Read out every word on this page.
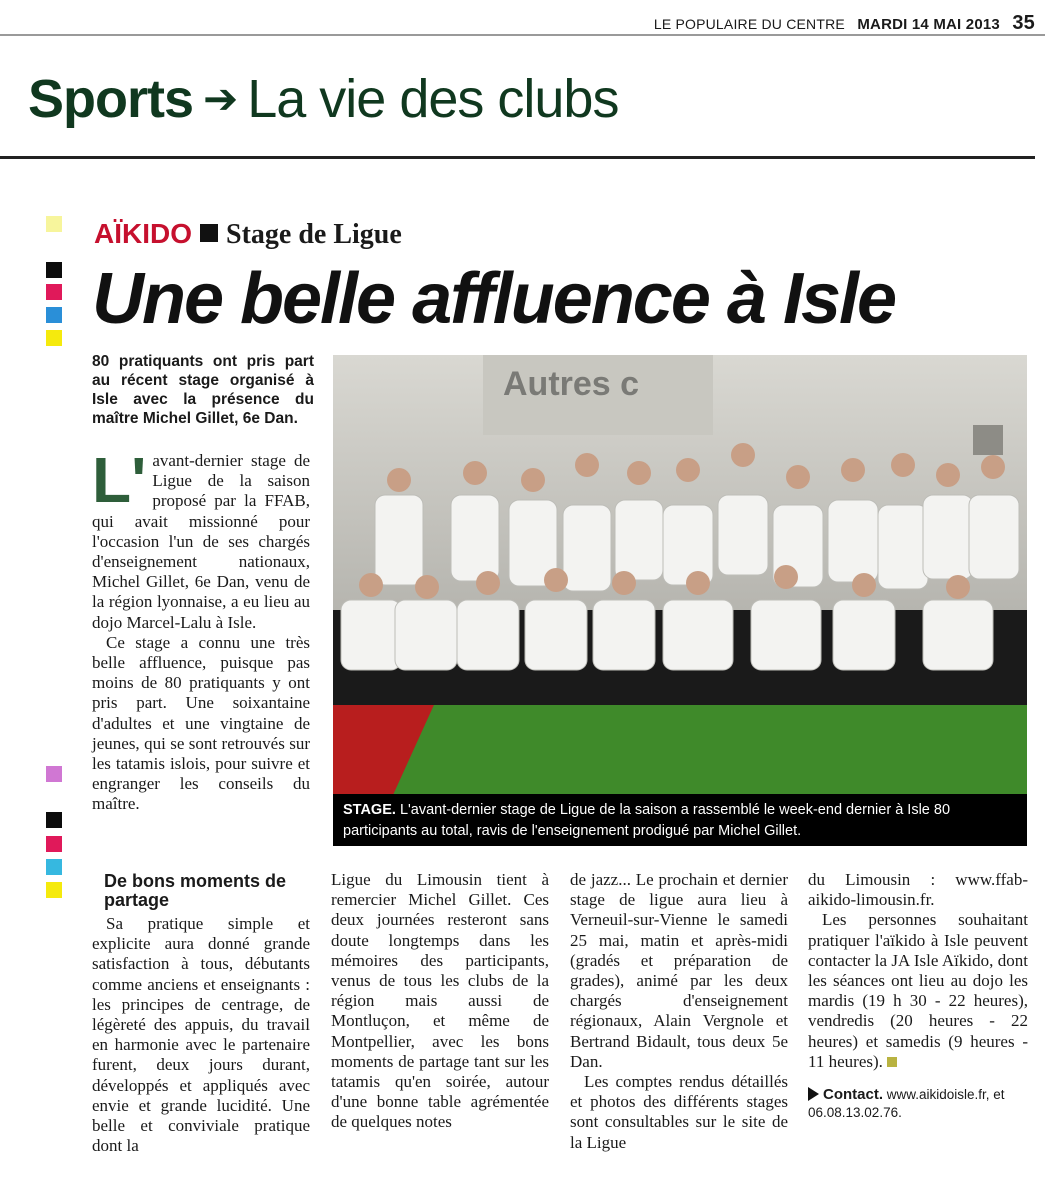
LE POPULAIRE DU CENTRE MARDI 14 MAI 2013 35
Sports ➔ La vie des clubs
AÏKIDO Stage de Ligue
Une belle affluence à Isle
80 pratiquants ont pris part au récent stage organisé à Isle avec la présence du maître Michel Gillet, 6e Dan.
L' avant-dernier stage de Ligue de la saison proposé par la FFAB, qui avait missionné pour l'occasion l'un de ses chargés d'enseignement nationaux, Michel Gillet, 6e Dan, venu de la région lyonnaise, a eu lieu au dojo Marcel-Lalu à Isle.

Ce stage a connu une très belle affluence, puisque pas moins de 80 pratiquants y ont pris part. Une soixantaine d'adultes et une vingtaine de jeunes, qui se sont retrouvés sur les tatamis islois, pour suivre et engranger les conseils du maître.

De bons moments de partage

Sa pratique simple et explicite aura donné grande satisfaction à tous, débutants comme anciens et enseignants : les principes de centrage, de légèreté des appuis, du travail en harmonie avec le partenaire furent, deux jours durant, développés et appliqués avec envie et grande lucidité. Une belle et conviviale pratique dont la

Autres c
STAGE. L'avant-dernier stage de Ligue de la saison a rassemblé le week-end dernier à Isle 80 participants au total, ravis de l'enseignement prodigué par Michel Gillet.

Ligue du Limousin tient à remercier Michel Gillet. Ces deux journées resteront sans doute longtemps dans les mémoires des participants, venus de tous les clubs de la région mais aussi de Montluçon, et même de Montpellier, avec les bons moments de partage tant sur les tatamis qu'en soirée, autour d'une bonne table agrémentée de quelques notes

de jazz... Le prochain et dernier stage de ligue aura lieu à Verneuil-sur-Vienne le samedi 25 mai, matin et après-midi (gradés et préparation de grades), animé par les deux chargés d'enseignement régionaux, Alain Vergnole et Bertrand Bidault, tous deux 5e Dan.

Les comptes rendus détaillés et photos des différents stages sont consultables sur le site de la Ligue

du Limousin : www.ffab-aikido-limousin.fr.

Les personnes souhaitant pratiquer l'aïkido à Isle peuvent contacter la JA Isle Aïkido, dont les séances ont lieu au dojo les mardis (19 h 30 - 22 heures), vendredis (20 heures - 22 heures) et samedis (9 heures - 11 heures).

Contact. www.aikidoisle.fr, et 06.08.13.02.76.
